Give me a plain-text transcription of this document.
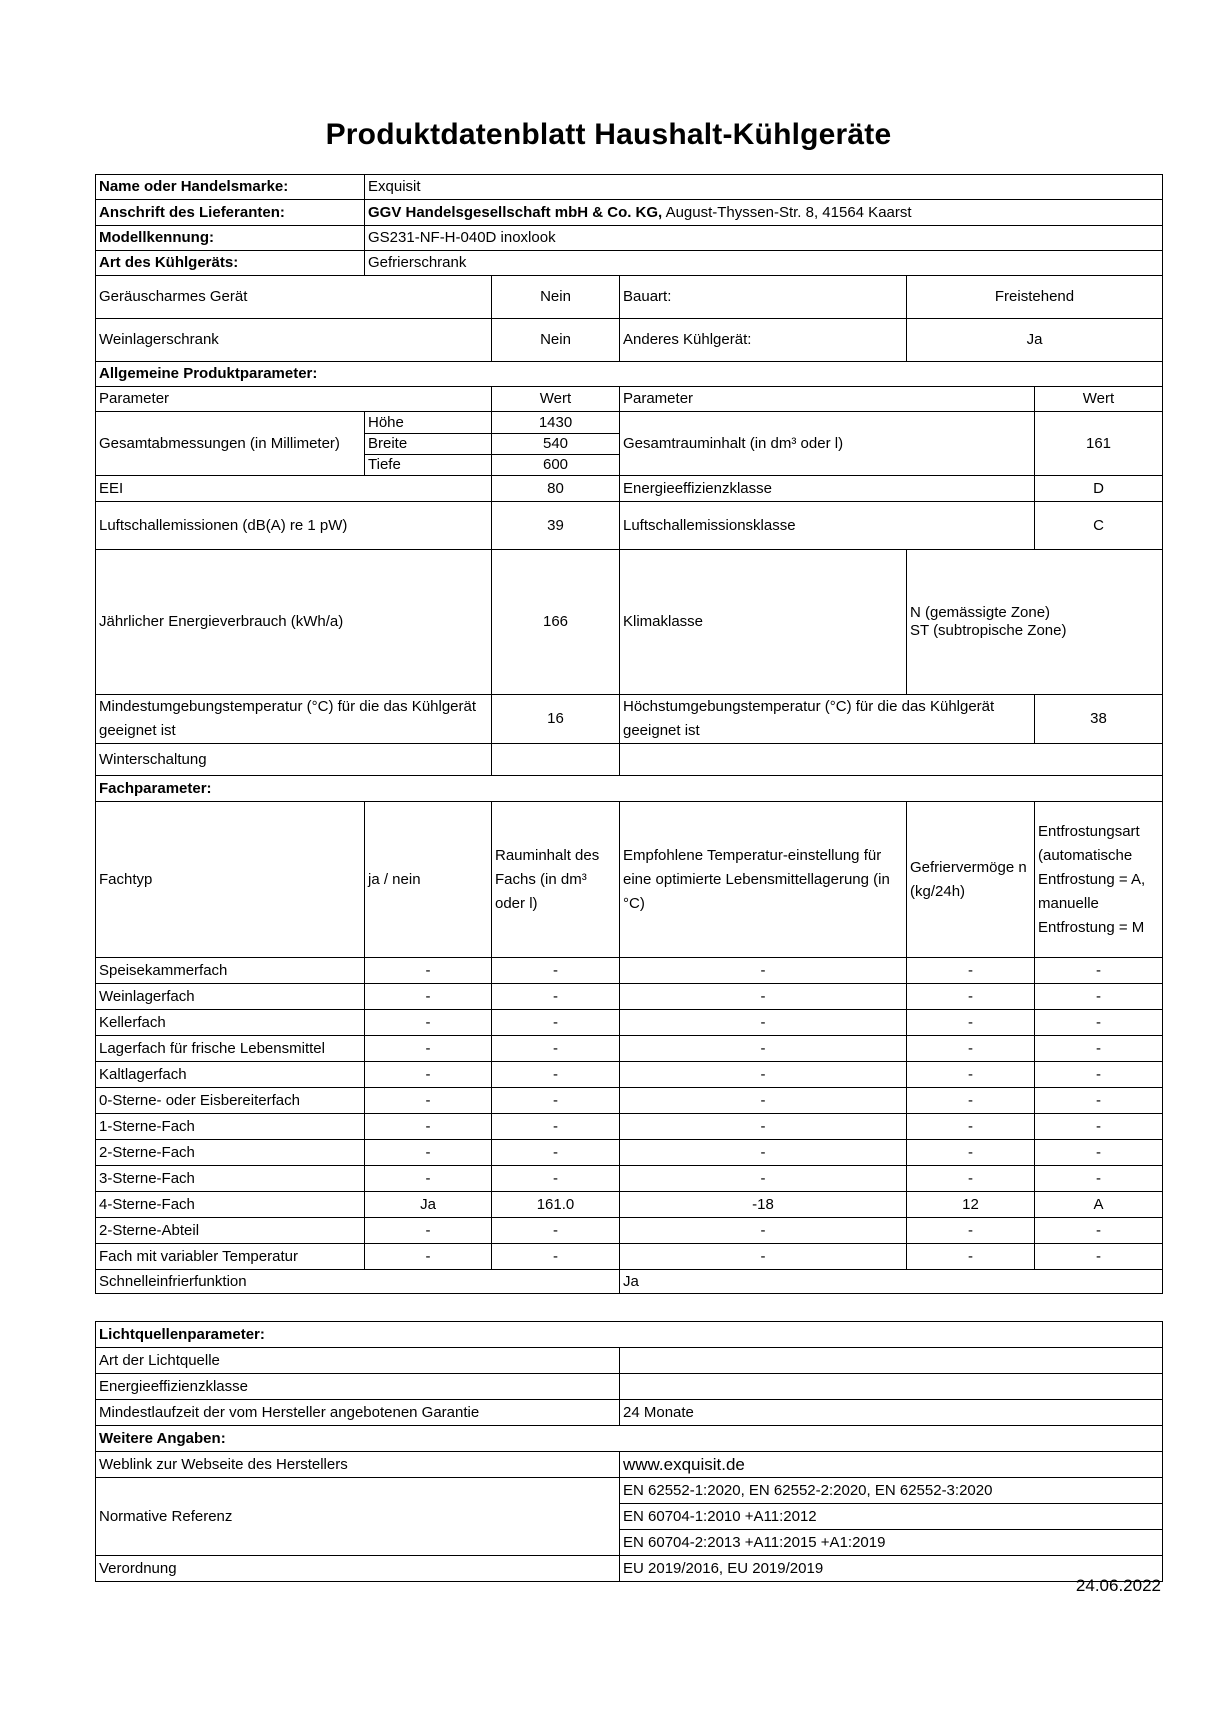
Produktdatenblatt Haushalt-Kühlgeräte
Name oder Handelsmarke:	Exquisit				
Anschrift des Lieferanten:	GGV Handelsgesellschaft mbH & Co. KG, August-Thyssen-Str. 8, 41564 Kaarst				
Modellkennung:	GS231-NF-H-040D inoxlook				
Art des Kühlgeräts:	Gefrierschrank				
Geräuscharmes Gerät		Nein	Bauart:	Freistehend	
Weinlagerschrank		Nein	Anderes Kühlgerät:	Ja	
Allgemeine Produktparameter:					
Parameter		Wert	Parameter		Wert
Gesamtabmessungen (in Millimeter)	Höhe	1430	Gesamtrauminhalt (in dm³ oder l)		161
	Breite	540			
	Tiefe	600			
EEI		80	Energieeffizienzklasse		D
Luftschallemissionen (dB(A) re 1 pW)		39	Luftschallemissionsklasse		C
Jährlicher Energieverbrauch (kWh/a)		166	Klimaklasse	N (gemässigte Zone)
ST (subtropische Zone)	

Mindestumgebungstemperatur (°C) für die das Kühlgerät geeignet ist		16	Höchstumgebungstemperatur (°C) für die das Kühlgerät geeignet ist		38
Winterschaltung					
Fachparameter:					
Fachtyp	ja / nein	Rauminhalt des Fachs (in dm³ oder l)	Empfohlene Temperatur-einstellung für eine optimierte Lebensmittellagerung (in °C)	Gefriervermöge n (kg/24h)	Entfrostungsart (automatische Entfrostung = A, manuelle Entfrostung = M
Speisekammerfach	-	-	-	-	-
Weinlagerfach	-	-	-	-	-
Kellerfach	-	-	-	-	-
Lagerfach für frische Lebensmittel	-	-	-	-	-
Kaltlagerfach	-	-	-	-	-
0-Sterne- oder Eisbereiterfach	-	-	-	-	-
1-Sterne-Fach	-	-	-	-	-
2-Sterne-Fach	-	-	-	-	-
3-Sterne-Fach	-	-	-	-	-
4-Sterne-Fach	Ja	161.0	-18	12	A
2-Sterne-Abteil	-	-	-	-	-
Fach mit variabler Temperatur	-	-	-	-	-
Schnelleinfrierfunktion			Ja		
Lichtquellenparameter:	
Art der Lichtquelle	
Energieeffizienzklasse	
Mindestlaufzeit der vom Hersteller angebotenen Garantie	24 Monate
Weitere Angaben:	
Weblink zur Webseite des Herstellers	www.exquisit.de
Normative Referenz	EN 62552-1:2020, EN 62552-2:2020, EN 62552-3:2020
	EN 60704-1:2010 +A11:2012
	EN 60704-2:2013 +A11:2015 +A1:2019
Verordnung	EU 2019/2016, EU 2019/2019
24.06.2022
